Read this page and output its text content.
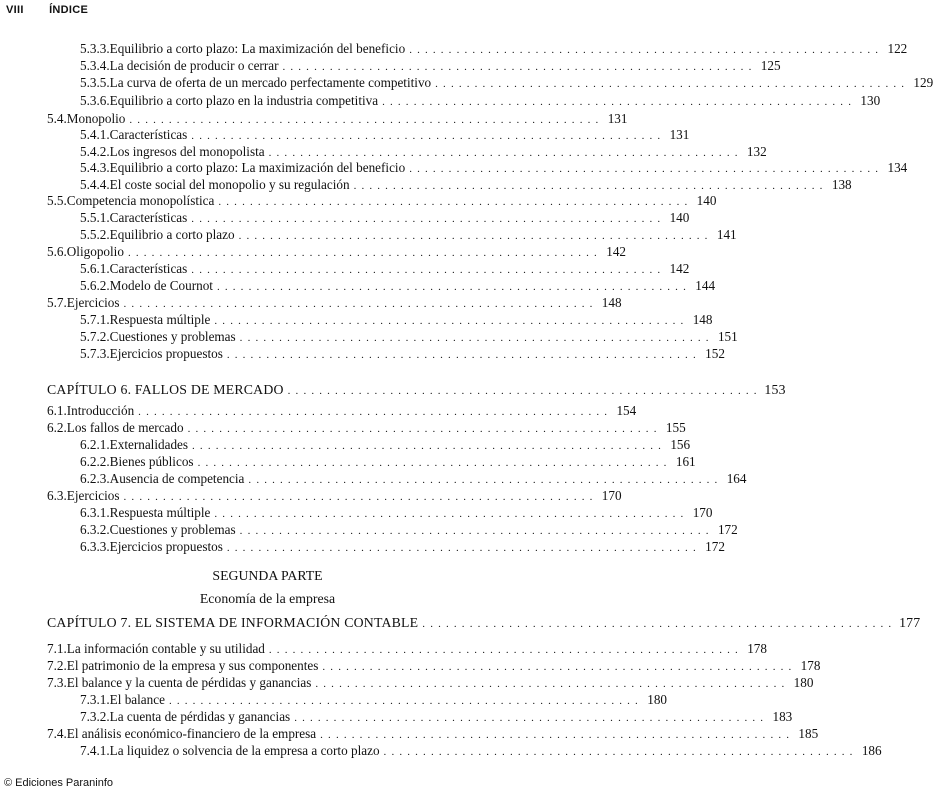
VIII ÍNDICE
5.3.3. Equilibrio a corto plazo: La maximización del beneficio . . . . . . . . . . . . . . . . . . . . . . . . . . . . . . . . . . . . . . . . . . . . . . . . . . . . . . . . . . . . 122
5.3.4. La decisión de producir o cerrar . . . . . . . . . . . . . . . . . . . . . . . . . . . . . . . . . . . . . . . . . . . . . . . . . . . . . . . . . . . . 125
5.3.5. La curva de oferta de un mercado perfectamente competitivo . . . . . . . . . . . . . . . . . . . . . . . . . . . . . . . . . . . . . . . . . . . . . . . . . . . . . . . . . . . . 129
5.3.6. Equilibrio a corto plazo en la industria competitiva . . . . . . . . . . . . . . . . . . . . . . . . . . . . . . . . . . . . . . . . . . . . . . . . . . . . . . . . . . . . 130
5.4. Monopolio . . . . . . . . . . . . . . . . . . . . . . . . . . . . . . . . . . . . . . . . . . . . . . . . . . . . . . . . . . . . 131
5.4.1. Características . . . . . . . . . . . . . . . . . . . . . . . . . . . . . . . . . . . . . . . . . . . . . . . . . . . . . . . . . . . . 131
5.4.2. Los ingresos del monopolista . . . . . . . . . . . . . . . . . . . . . . . . . . . . . . . . . . . . . . . . . . . . . . . . . . . . . . . . . . . . 132
5.4.3. Equilibrio a corto plazo: La maximización del beneficio . . . . . . . . . . . . . . . . . . . . . . . . . . . . . . . . . . . . . . . . . . . . . . . . . . . . . . . . . . . . 134
5.4.4. El coste social del monopolio y su regulación . . . . . . . . . . . . . . . . . . . . . . . . . . . . . . . . . . . . . . . . . . . . . . . . . . . . . . . . . . . . 138
5.5. Competencia monopolística . . . . . . . . . . . . . . . . . . . . . . . . . . . . . . . . . . . . . . . . . . . . . . . . . . . . . . . . . . . . 140
5.5.1. Características . . . . . . . . . . . . . . . . . . . . . . . . . . . . . . . . . . . . . . . . . . . . . . . . . . . . . . . . . . . . 140
5.5.2. Equilibrio a corto plazo . . . . . . . . . . . . . . . . . . . . . . . . . . . . . . . . . . . . . . . . . . . . . . . . . . . . . . . . . . . . 141
5.6. Oligopolio . . . . . . . . . . . . . . . . . . . . . . . . . . . . . . . . . . . . . . . . . . . . . . . . . . . . . . . . . . . . 142
5.6.1. Características . . . . . . . . . . . . . . . . . . . . . . . . . . . . . . . . . . . . . . . . . . . . . . . . . . . . . . . . . . . . 142
5.6.2. Modelo de Cournot . . . . . . . . . . . . . . . . . . . . . . . . . . . . . . . . . . . . . . . . . . . . . . . . . . . . . . . . . . . . 144
5.7. Ejercicios . . . . . . . . . . . . . . . . . . . . . . . . . . . . . . . . . . . . . . . . . . . . . . . . . . . . . . . . . . . . 148
5.7.1. Respuesta múltiple . . . . . . . . . . . . . . . . . . . . . . . . . . . . . . . . . . . . . . . . . . . . . . . . . . . . . . . . . . . . 148
5.7.2. Cuestiones y problemas . . . . . . . . . . . . . . . . . . . . . . . . . . . . . . . . . . . . . . . . . . . . . . . . . . . . . . . . . . . . 151
5.7.3. Ejercicios propuestos . . . . . . . . . . . . . . . . . . . . . . . . . . . . . . . . . . . . . . . . . . . . . . . . . . . . . . . . . . . . 152
CAPÍTULO 6. FALLOS DE MERCADO . . . . . . . . . . . . . . . . . . . . . . . . . . . . . . . . . . . . . . . . . . . . . . . . . . . . . . . . . . . . 153
6.1. Introducción . . . . . . . . . . . . . . . . . . . . . . . . . . . . . . . . . . . . . . . . . . . . . . . . . . . . . . . . . . . . 154
6.2. Los fallos de mercado . . . . . . . . . . . . . . . . . . . . . . . . . . . . . . . . . . . . . . . . . . . . . . . . . . . . . . . . . . . . 155
6.2.1. Externalidades . . . . . . . . . . . . . . . . . . . . . . . . . . . . . . . . . . . . . . . . . . . . . . . . . . . . . . . . . . . . 156
6.2.2. Bienes públicos . . . . . . . . . . . . . . . . . . . . . . . . . . . . . . . . . . . . . . . . . . . . . . . . . . . . . . . . . . . . 161
6.2.3. Ausencia de competencia . . . . . . . . . . . . . . . . . . . . . . . . . . . . . . . . . . . . . . . . . . . . . . . . . . . . . . . . . . . . 164
6.3. Ejercicios . . . . . . . . . . . . . . . . . . . . . . . . . . . . . . . . . . . . . . . . . . . . . . . . . . . . . . . . . . . . 170
6.3.1. Respuesta múltiple . . . . . . . . . . . . . . . . . . . . . . . . . . . . . . . . . . . . . . . . . . . . . . . . . . . . . . . . . . . . 170
6.3.2. Cuestiones y problemas . . . . . . . . . . . . . . . . . . . . . . . . . . . . . . . . . . . . . . . . . . . . . . . . . . . . . . . . . . . . 172
6.3.3. Ejercicios propuestos . . . . . . . . . . . . . . . . . . . . . . . . . . . . . . . . . . . . . . . . . . . . . . . . . . . . . . . . . . . . 172
CAPÍTULO 7. EL SISTEMA DE INFORMACIÓN CONTABLE . . . . . . . . . . . . . . . . . . . . . . . . . . . . . . . . . . . . . . . . . . . . . . . . . . . . . . . . . . . . 177
7.1. La información contable y su utilidad . . . . . . . . . . . . . . . . . . . . . . . . . . . . . . . . . . . . . . . . . . . . . . . . . . . . . . . . . . . . 178
7.2. El patrimonio de la empresa y sus componentes . . . . . . . . . . . . . . . . . . . . . . . . . . . . . . . . . . . . . . . . . . . . . . . . . . . . . . . . . . . . 178
7.3. El balance y la cuenta de pérdidas y ganancias . . . . . . . . . . . . . . . . . . . . . . . . . . . . . . . . . . . . . . . . . . . . . . . . . . . . . . . . . . . . 180
7.3.1. El balance . . . . . . . . . . . . . . . . . . . . . . . . . . . . . . . . . . . . . . . . . . . . . . . . . . . . . . . . . . . . 180
7.3.2. La cuenta de pérdidas y ganancias . . . . . . . . . . . . . . . . . . . . . . . . . . . . . . . . . . . . . . . . . . . . . . . . . . . . . . . . . . . . 183
7.4. El análisis económico-financiero de la empresa . . . . . . . . . . . . . . . . . . . . . . . . . . . . . . . . . . . . . . . . . . . . . . . . . . . . . . . . . . . . 185
7.4.1. La liquidez o solvencia de la empresa a corto plazo . . . . . . . . . . . . . . . . . . . . . . . . . . . . . . . . . . . . . . . . . . . . . . . . . . . . . . . . . . . . 186
SEGUNDA PARTE
Economía de la empresa
© Ediciones Paraninfo
